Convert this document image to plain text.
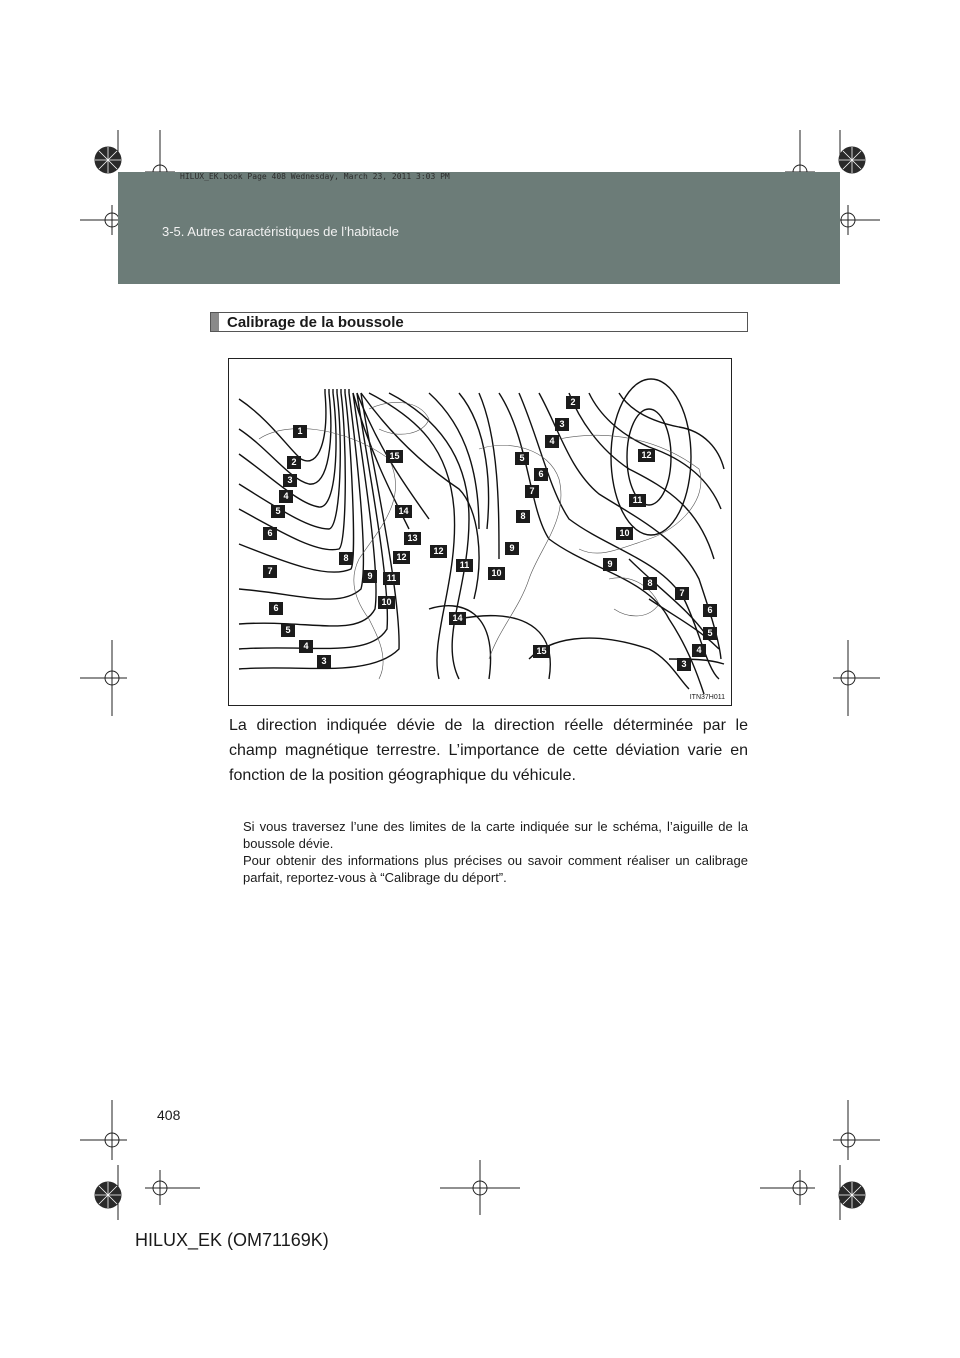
HILUX_EK.book Page 408 Wednesday, March 23, 2011 3:03 PM
3-5. Autres caractéristiques de l’habitacle
Calibrage de la boussole
1
2
3
4
5
6
7
6
5
4
3
15
14
13
8	12
9	11
10
12
11
10
9
14
15
8
7
6
5
4
3
2
12
11
10
9
8
7
6
5
4
3
ITN37H011
La direction indiquée dévie de la direction réelle déterminée par le champ magnétique terrestre. L’importance de cette déviation varie en fonction de la position géographique du véhicule.
Si vous traversez l’une des limites de la carte indiquée sur le schéma, l’aiguille de la boussole dévie.
Pour obtenir des informations plus précises ou savoir comment réaliser un calibrage parfait, reportez-vous à “Calibrage du déport”.
408
HILUX_EK (OM71169K)
